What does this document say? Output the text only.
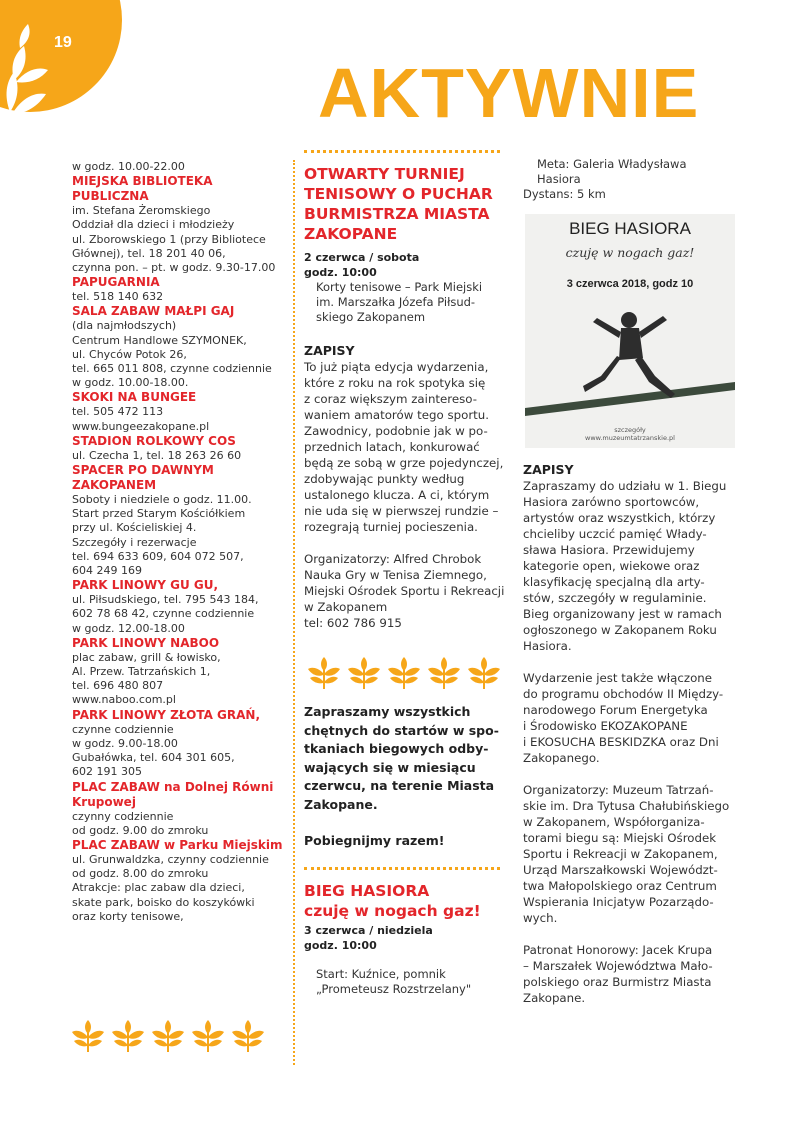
19
AKTYWNIE
w godz. 10.00-22.00
MIEJSKA BIBLIOTEKA
PUBLICZNA
im. Stefana Żeromskiego
Oddział dla dzieci i młodzieży
ul. Zborowskiego 1 (przy Bibliotece
Głównej), tel. 18 201 40 06,
czynna pon. – pt. w godz. 9.30-17.00
PAPUGARNIA
tel. 518 140 632
SALA ZABAW MAŁPI GAJ
(dla najmłodszych)
Centrum Handlowe SZYMONEK,
ul. Chyców Potok 26,
tel. 665 011 808, czynne codziennie
w godz. 10.00-18.00.
SKOKI NA BUNGEE
tel. 505 472 113
www.bungeezakopane.pl
STADION ROLKOWY COS
ul. Czecha 1, tel. 18 263 26 60
SPACER PO DAWNYM
ZAKOPANEM
Soboty i niedziele o godz. 11.00.
Start przed Starym Kościółkiem
przy ul. Kościeliskiej 4.
Szczegóły i rezerwacje
tel. 694 633 609, 604 072 507,
604 249 169
PARK LINOWY GU GU,
ul. Piłsudskiego, tel. 795 543 184,
602 78 68 42, czynne codziennie
w godz. 12.00-18.00
PARK LINOWY NABOO
plac zabaw, grill & łowisko,
Al. Przew. Tatrzańskich 1,
tel. 696 480 807
www.naboo.com.pl
PARK LINOWY ZŁOTA GRAŃ,
czynne codziennie
w godz. 9.00-18.00
Gubałówka, tel. 604 301 605,
602 191 305
PLAC ZABAW na Dolnej Równi
Krupowej
czynny codziennie
od godz. 9.00 do zmroku
PLAC ZABAW w Parku Miejskim
ul. Grunwaldzka, czynny codziennie
od godz. 8.00 do zmroku
Atrakcje: plac zabaw dla dzieci,
skate park, boisko do koszykówki
oraz korty tenisowe,
OTWARTY TURNIEJ
TENISOWY O PUCHAR
BURMISTRZA MIASTA
ZAKOPANE
2 czerwca / sobota
godz. 10:00
Korty tenisowe – Park Miejski
im. Marszałka Józefa Piłsud-
skiego Zakopanem
ZAPISY
To już piąta edycja wydarzenia,
które z roku na rok spotyka się
z coraz większym zaintereso-
waniem amatorów tego sportu.
Zawodnicy, podobnie jak w po-
przednich latach, konkurować
będą ze sobą w grze pojedynczej,
zdobywając punkty według
ustalonego klucza. A ci, którym
nie uda się w pierwszej rundzie –
rozegrają turniej pocieszenia.
Organizatorzy: Alfred Chrobok
Nauka Gry w Tenisa Ziemnego,
Miejski Ośrodek Sportu i Rekreacji
w Zakopanem
tel: 602 786 915
Zapraszamy wszystkich
chętnych do startów w spo-
tkaniach biegowych odby-
wających się w miesiącu
czerwcu, na terenie Miasta
Zakopane.
Pobiegnijmy razem!
BIEG HASIORA
czuję w nogach gaz!
3 czerwca / niedziela
godz. 10:00
Start: Kuźnice, pomnik
„Prometeusz Rozstrzelany"
Meta: Galeria Władysława
Hasiora
Dystans: 5 km
BIEG HASIORA
czuję w nogach gaz!
3 czerwca 2018, godz 10
szczegóły
www.muzeumtatrzanskie.pl
ZAPISY
Zapraszamy do udziału w 1. Biegu
Hasiora zarówno sportowców,
artystów oraz wszystkich, którzy
chcieliby uczcić pamięć Włady-
sława Hasiora. Przewidujemy
kategorie open, wiekowe oraz
klasyfikację specjalną dla arty-
stów, szczegóły w regulaminie.
Bieg organizowany jest w ramach
ogłoszonego w Zakopanem Roku
Hasiora.
Wydarzenie jest także włączone
do programu obchodów II Między-
narodowego Forum Energetyka
i Środowisko EKOZAKOPANE
i EKOSUCHA BESKIDZKA oraz Dni
Zakopanego.
Organizatorzy: Muzeum Tatrzań-
skie im. Dra Tytusa Chałubińskiego
w Zakopanem, Współorganiza-
torami biegu są: Miejski Ośrodek
Sportu i Rekreacji w Zakopanem,
Urząd Marszałkowski Województ-
twa Małopolskiego oraz Centrum
Wspierania Inicjatyw Pozarządo-
wych.
Patronat Honorowy: Jacek Krupa
– Marszałek Województwa Mało-
polskiego oraz Burmistrz Miasta
Zakopane.
